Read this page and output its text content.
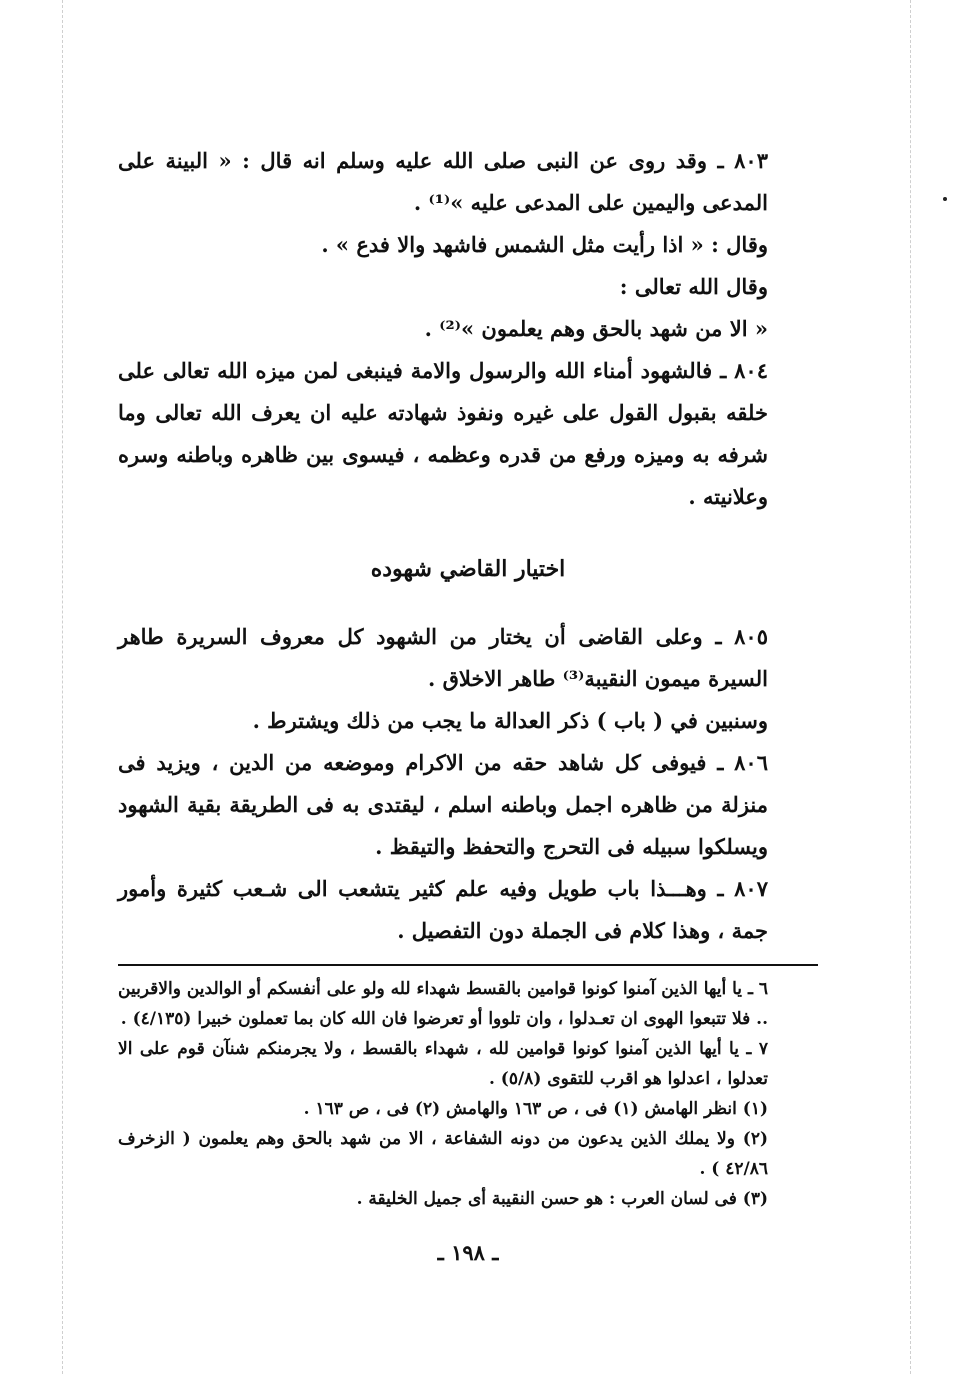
٨٠٣ ـ وقد روى عن النبى صلى الله عليه وسلم انه قال : « البينة على المدعى واليمين على المدعى عليه »⁽¹⁾ .

وقال : « اذا رأيت مثل الشمس فاشهد والا فدع » .

وقال الله تعالى :

« الا من شهد بالحق وهم يعلمون »⁽²⁾ .

٨٠٤ ـ فالشهود أمناء الله والرسول والامة فينبغى لمن ميزه الله تعالى على خلقه بقبول القول على غيره ونفوذ شهادته عليه ان يعرف الله تعالى وما شرفه به وميزه ورفع من قدره وعظمه ، فيسوى بين ظاهره وباطنه وسره وعلانيته .

اختيار القاضي شهوده

٨٠٥ ـ وعلى القاضى أن يختار من الشهود كل معروف السريرة طاهر السيرة ميمون النقيبة⁽³⁾ طاهر الاخلاق .

وسنبين في ( باب ) ذكر العدالة ما يجب من ذلك ويشترط .

٨٠٦ ـ فيوفى كل شاهد حقه من الاكرام وموضعه من الدين ، ويزيد فى منزلة من ظاهره اجمل وباطنه اسلم ، ليقتدى به فى الطريقة بقية الشهود ويسلكوا سبيله فى التحرج والتحفظ والتيقظ .

٨٠٧ ـ وهـــذا باب طويل وفيه علم كثير يتشعب الى شـعب كثيرة وأمور جمة ، وهذا كلام فى الجملة دون التفصيل .

٦ ـ يا أيها الذين آمنوا كونوا قوامين بالقسط شهداء لله ولو على أنفسكم أو الوالدين والاقربين .. فلا تتبعوا الهوى ان تعـدلوا ، وان تلووا أو تعرضوا فان الله كان بما تعملون خبيرا (٤/١٣٥) .

٧ ـ يا أيها الذين آمنوا كونوا قوامين لله ، شهداء بالقسط ، ولا يجرمنكم شنآن قوم على الا تعدلوا ، اعدلوا هو اقرب للتقوى (٥/٨) .

(١) انظر الهامش (١) فى ، ص ١٦٣ والهامش (٢) فى ، ص ١٦٣ .

(٢) ولا يملك الذين يدعون من دونه الشفاعة ، الا من شهد بالحق وهم يعلمون ( الزخرف ٤٢/٨٦ ) .

(٣) فى لسان العرب : هو حسن النقيبة أى جميل الخليقة .

ـ ١٩٨ ـ
